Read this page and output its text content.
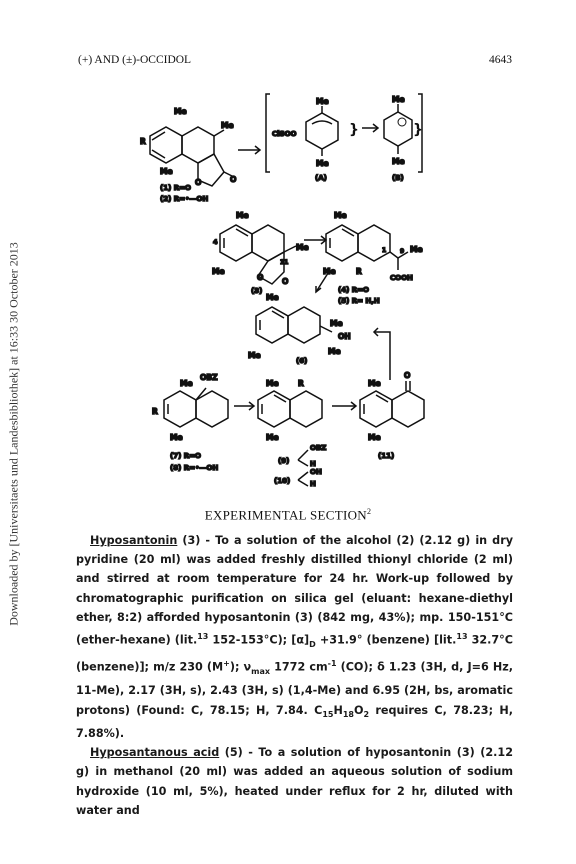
Downloaded by [Universitaets und Landesbibliothek] at 16:33 30 October 2013
(+) AND (±)-OCCIDOL	4643
Me
R
Me
Me
O	O
(1) R=O
(2) R=•—OH
}
Me
ClSOO
Me
(A)
}
Me
Me
(B)
Me
4
Me
11
Me
O O
(3)
Me
1 9 Me
Me	R
COOH
(4) R=O
(5) R= H,H
Me
Me
OH
Me	Me
(6)
Me
OBZ
R
Me
(7) R=O
(8) R=•—OH
Me	R
Me
OBZ
(9)	H
OH
(10)	H
Me
O
Me
(11)
EXPERIMENTAL SECTION$^2$

Hyposantonin (3) - To a solution of the alcohol (2) (2.12 g) in dry pyridine (20 ml) was added freshly distilled thionyl chloride (2 ml) and stirred at room temperature for 24 hr. Work-up followed by chromatographic purification on silica gel (eluant: hexane-diethyl ether, 8:2) afforded hyposantonin (3) (842 mg, 43%); mp. 150-151°C (ether-hexane) (lit.$^{13}$ 152-153°C); $[\alpha]_D +31.9^\circ$ (benzene) [lit.$^{13}$ 32.7°C (benzene)]; m/z 230 (M+); $\nu_{max}$ 1772 $cm^{-1}$ (CO); δ 1.23 (3H, d, J=6 Hz, 11-Me), 2.17 (3H, s), 2.43 (3H, s) (1,4-Me) and 6.95 (2H, bs, aromatic protons) (Found: C, 78.15; H, 7.84. $C_{15}H_{18}O_2$ requires C, 78.23; H, 7.88%).

Hyposantanous acid (5) - To a solution of hyposantonin (3) (2.12 g) in methanol (20 ml) was added an aqueous solution of sodium hydroxide (10 ml, 5%), heated under reflux for 2 hr, diluted with water and
